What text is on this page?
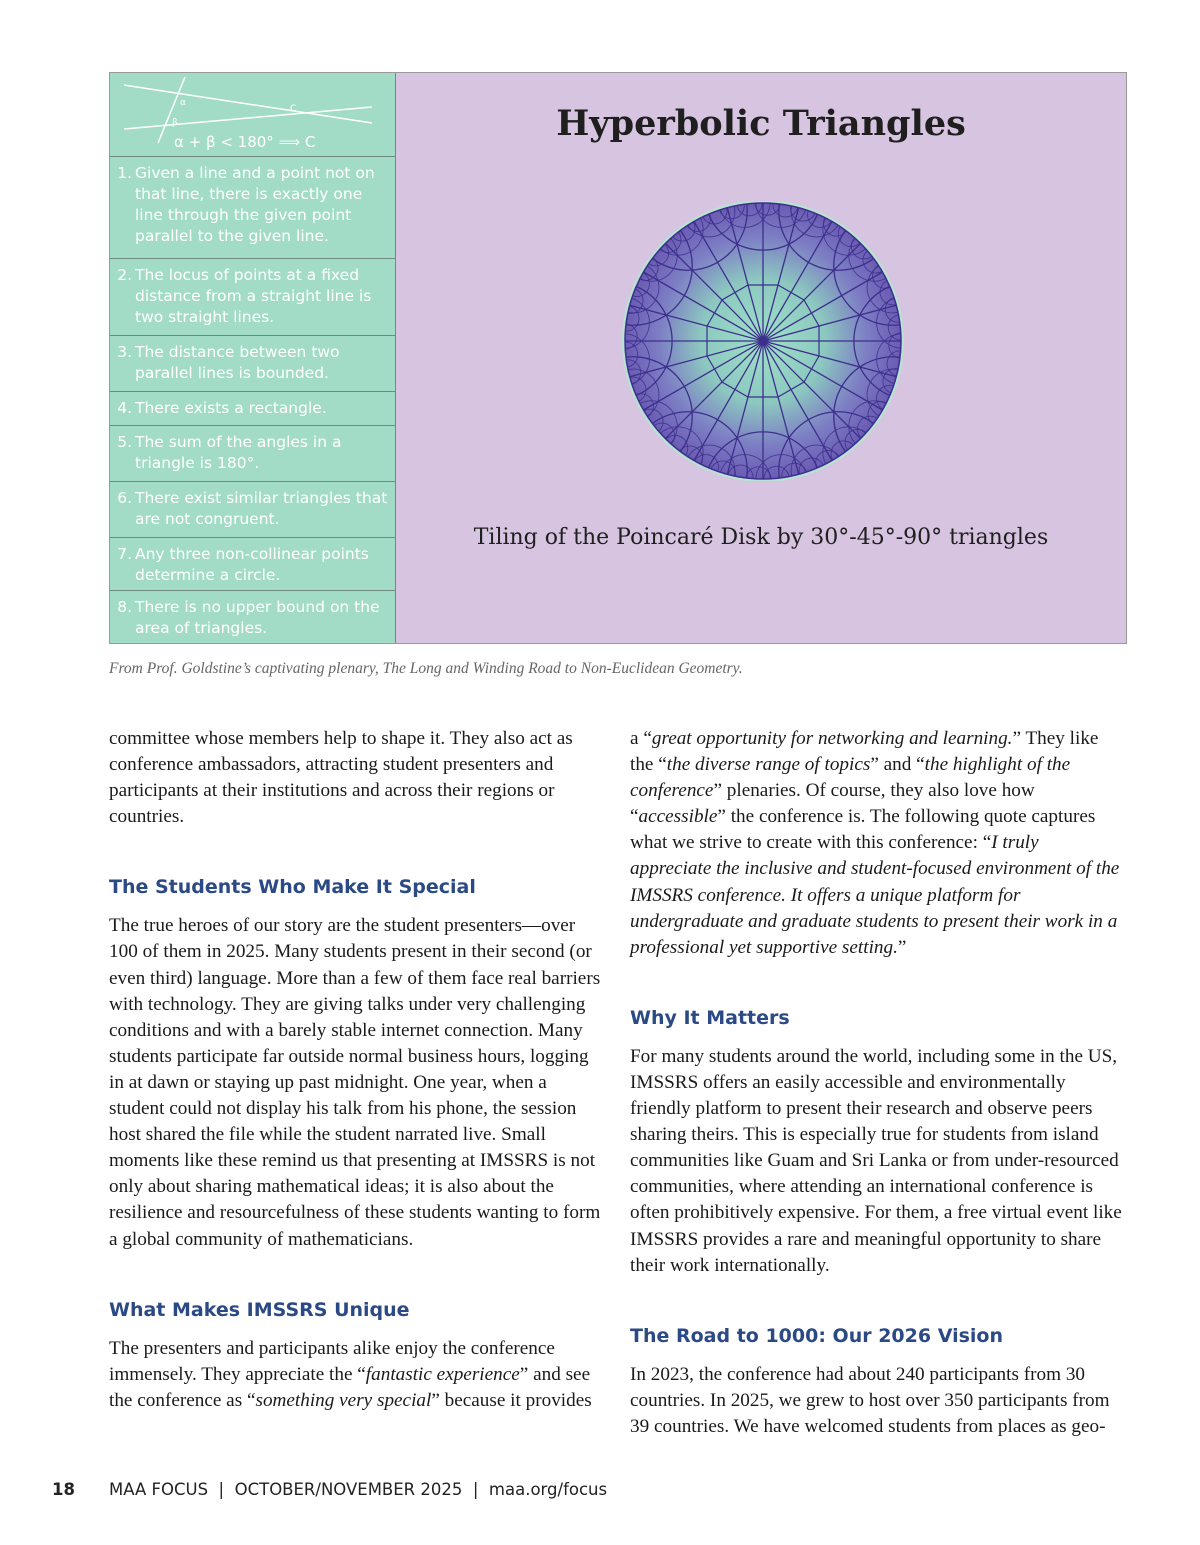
α
β
C
α + β < 180° ⟹ C
1. Given a line and a point not on that line, there is exactly one line through the given point parallel to the given line.
2. The locus of points at a fixed distance from a straight line is two straight lines.
3. The distance between two parallel lines is bounded.
4. There exists a rectangle.
5. The sum of the angles in a triangle is 180°.
6. There exist similar triangles that are not congruent.
7. Any three non-collinear points determine a circle.
8. There is no upper bound on the area of triangles.
Hyperbolic Triangles
Tiling of the Poincaré Disk by 30°-45°-90° triangles
From Prof. Goldstine’s captivating plenary, The Long and Winding Road to Non-Euclidean Geometry.

committee whose members help to shape it. They also act as conference ambassadors, attracting student presenters and participants at their institutions and across their regions or countries.

The Students Who Make It Special

The true heroes of our story are the student presenters—over 100 of them in 2025. Many students present in their second (or even third) language. More than a few of them face real barriers with technology. They are giving talks under very challenging conditions and with a barely stable internet connection. Many students participate far outside normal business hours, logging in at dawn or staying up past midnight. One year, when a student could not display his talk from his phone, the session host shared the file while the student narrated live. Small moments like these remind us that presenting at IMSSRS is not only about sharing mathematical ideas; it is also about the resilience and resourcefulness of these students wanting to form a global community of mathematicians.

What Makes IMSSRS Unique

The presenters and participants alike enjoy the conference immensely. They appreciate the “fantastic experience” and see the conference as “something very special” because it provides

a “great opportunity for networking and learning.” They like the “the diverse range of topics” and “the highlight of the conference” plenaries. Of course, they also love how “accessible” the conference is. The following quote captures what we strive to create with this conference: “I truly appreciate the inclusive and student-focused environment of the IMSSRS conference. It offers a unique platform for undergraduate and graduate students to present their work in a professional yet supportive setting.”

Why It Matters

For many students around the world, including some in the US, IMSSRS offers an easily accessible and environmentally friendly platform to present their research and observe peers sharing theirs. This is especially true for students from island communities like Guam and Sri Lanka or from under-resourced communities, where attending an international conference is often prohibitively expensive. For them, a free virtual event like IMSSRS provides a rare and meaningful opportunity to share their work internationally.

The Road to 1000: Our 2026 Vision

In 2023, the conference had about 240 participants from 30 countries. In 2025, we grew to host over 350 participants from 39 countries. We have welcomed students from places as geo-

18 MAA FOCUS  |  OCTOBER/NOVEMBER 2025  |  maa.org/focus
